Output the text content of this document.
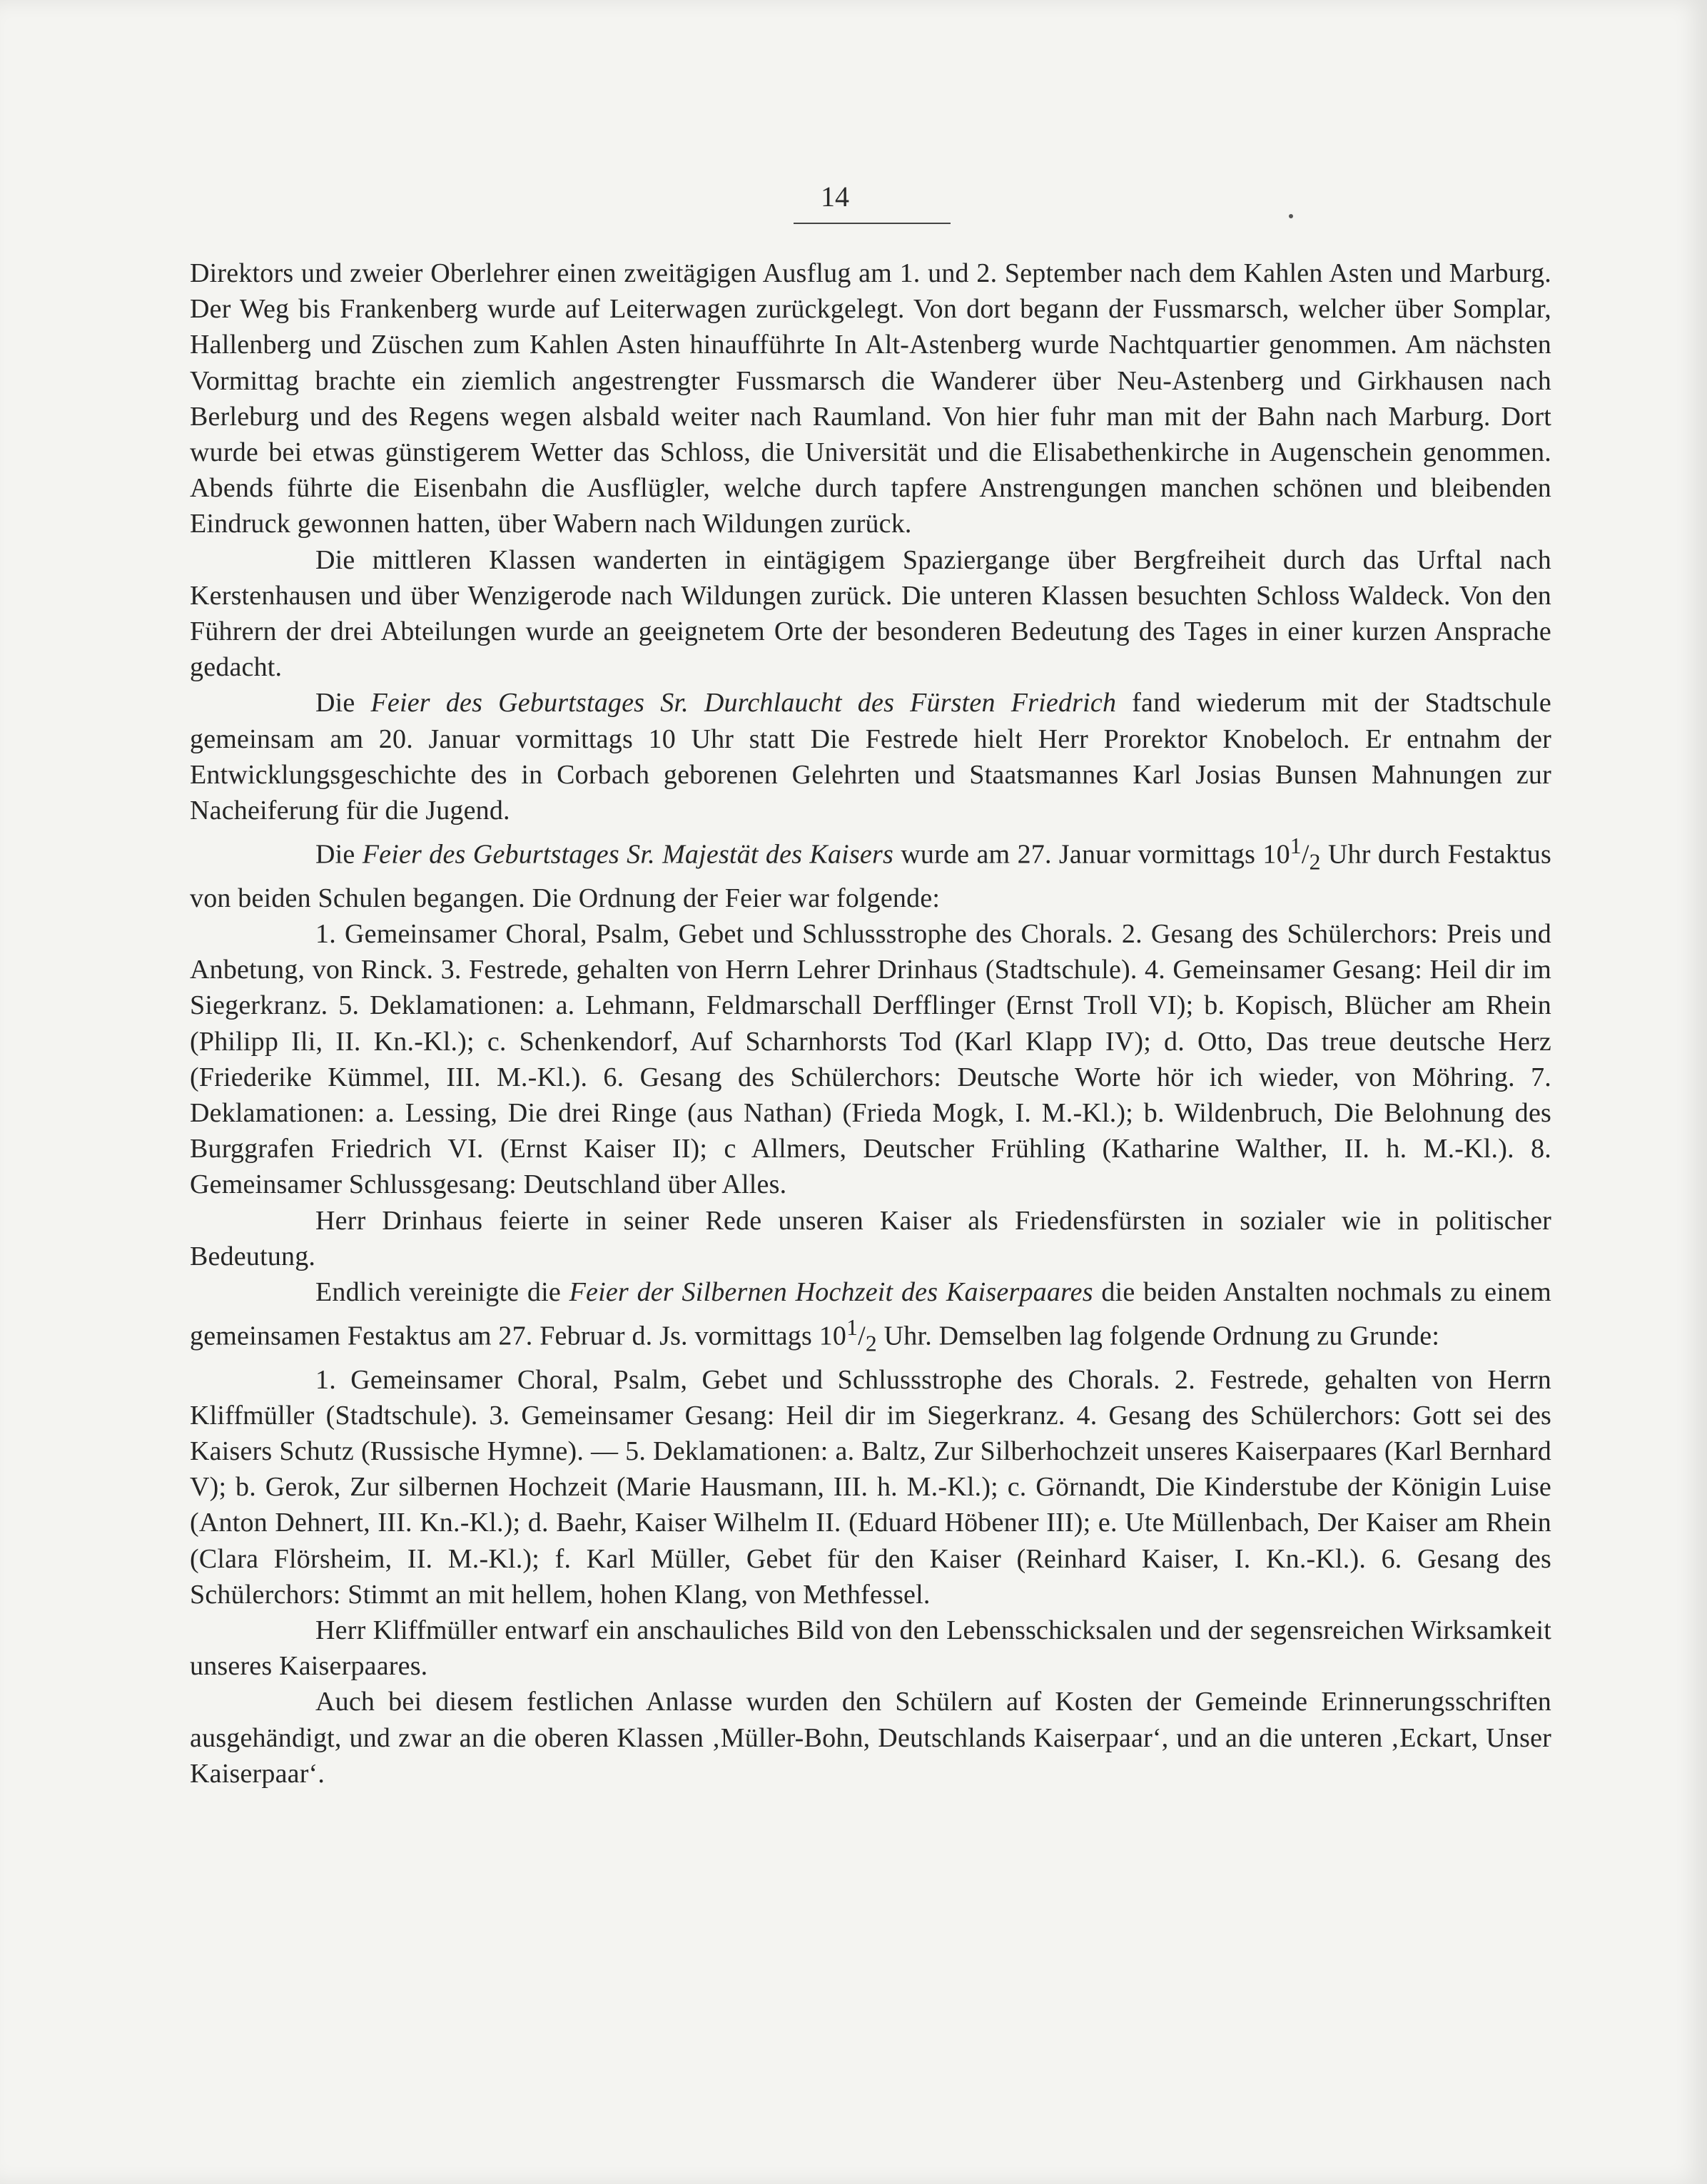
14

Direktors und zweier Oberlehrer einen zweitägigen Ausflug am 1. und 2. September nach dem Kahlen Asten und Marburg. Der Weg bis Frankenberg wurde auf Leiterwagen zurückgelegt. Von dort begann der Fussmarsch, welcher über Somplar, Hallenberg und Züschen zum Kahlen Asten hinaufführte In Alt-Astenberg wurde Nachtquartier genommen. Am nächsten Vormittag brachte ein ziemlich angestrengter Fussmarsch die Wanderer über Neu-Astenberg und Girkhausen nach Berleburg und des Regens wegen alsbald weiter nach Raumland. Von hier fuhr man mit der Bahn nach Marburg. Dort wurde bei etwas günstigerem Wetter das Schloss, die Universität und die Elisabethenkirche in Augenschein genommen. Abends führte die Eisenbahn die Ausflügler, welche durch tapfere Anstrengungen manchen schönen und bleibenden Eindruck gewonnen hatten, über Wabern nach Wildungen zurück.

Die mittleren Klassen wanderten in eintägigem Spaziergange über Bergfreiheit durch das Urftal nach Kerstenhausen und über Wenzigerode nach Wildungen zurück. Die unteren Klassen besuchten Schloss Waldeck. Von den Führern der drei Abteilungen wurde an geeignetem Orte der besonderen Bedeutung des Tages in einer kurzen Ansprache gedacht.

Die Feier des Geburtstages Sr. Durchlaucht des Fürsten Friedrich fand wiederum mit der Stadtschule gemeinsam am 20. Januar vormittags 10 Uhr statt Die Festrede hielt Herr Prorektor Knobeloch. Er entnahm der Entwicklungsgeschichte des in Corbach geborenen Gelehrten und Staatsmannes Karl Josias Bunsen Mahnungen zur Nacheiferung für die Jugend.

Die Feier des Geburtstages Sr. Majestät des Kaisers wurde am 27. Januar vormittags $10^1/_2$ Uhr durch Festaktus von beiden Schulen begangen. Die Ordnung der Feier war folgende:

1. Gemeinsamer Choral, Psalm, Gebet und Schlussstrophe des Chorals. 2. Gesang des Schülerchors: Preis und Anbetung, von Rinck. 3. Festrede, gehalten von Herrn Lehrer Drinhaus (Stadtschule). 4. Gemeinsamer Gesang: Heil dir im Siegerkranz. 5. Deklamationen: a. Lehmann, Feldmarschall Derfflinger (Ernst Troll VI); b. Kopisch, Blücher am Rhein (Philipp Ili, II. Kn.-Kl.); c. Schenkendorf, Auf Scharnhorsts Tod (Karl Klapp IV); d. Otto, Das treue deutsche Herz (Friederike Kümmel, III. M.-Kl.). 6. Gesang des Schülerchors: Deutsche Worte hör ich wieder, von Möhring. 7. Deklamationen: a. Lessing, Die drei Ringe (aus Nathan) (Frieda Mogk, I. M.-Kl.); b. Wildenbruch, Die Belohnung des Burggrafen Friedrich VI. (Ernst Kaiser II); c Allmers, Deutscher Frühling (Katharine Walther, II. h. M.-Kl.). 8. Gemeinsamer Schlussgesang: Deutschland über Alles.

Herr Drinhaus feierte in seiner Rede unseren Kaiser als Friedensfürsten in sozialer wie in politischer Bedeutung.

Endlich vereinigte die Feier der Silbernen Hochzeit des Kaiserpaares die beiden Anstalten nochmals zu einem gemeinsamen Festaktus am 27. Februar d. Js. vormittags $10^1/_2$ Uhr. Demselben lag folgende Ordnung zu Grunde:

1. Gemeinsamer Choral, Psalm, Gebet und Schlussstrophe des Chorals. 2. Festrede, gehalten von Herrn Kliffmüller (Stadtschule). 3. Gemeinsamer Gesang: Heil dir im Siegerkranz. 4. Gesang des Schülerchors: Gott sei des Kaisers Schutz (Russische Hymne). — 5. Deklamationen: a. Baltz, Zur Silberhochzeit unseres Kaiserpaares (Karl Bernhard V); b. Gerok, Zur silbernen Hochzeit (Marie Hausmann, III. h. M.-Kl.); c. Görnandt, Die Kinderstube der Königin Luise (Anton Dehnert, III. Kn.-Kl.); d. Baehr, Kaiser Wilhelm II. (Eduard Höbener III); e. Ute Müllenbach, Der Kaiser am Rhein (Clara Flörsheim, II. M.-Kl.); f. Karl Müller, Gebet für den Kaiser (Reinhard Kaiser, I. Kn.-Kl.). 6. Gesang des Schülerchors: Stimmt an mit hellem, hohen Klang, von Methfessel.

Herr Kliffmüller entwarf ein anschauliches Bild von den Lebensschicksalen und der segensreichen Wirksamkeit unseres Kaiserpaares.

Auch bei diesem festlichen Anlasse wurden den Schülern auf Kosten der Gemeinde Erinnerungsschriften ausgehändigt, und zwar an die oberen Klassen ‚Müller-Bohn, Deutschlands Kaiserpaar‘, und an die unteren ‚Eckart, Unser Kaiserpaar‘.
